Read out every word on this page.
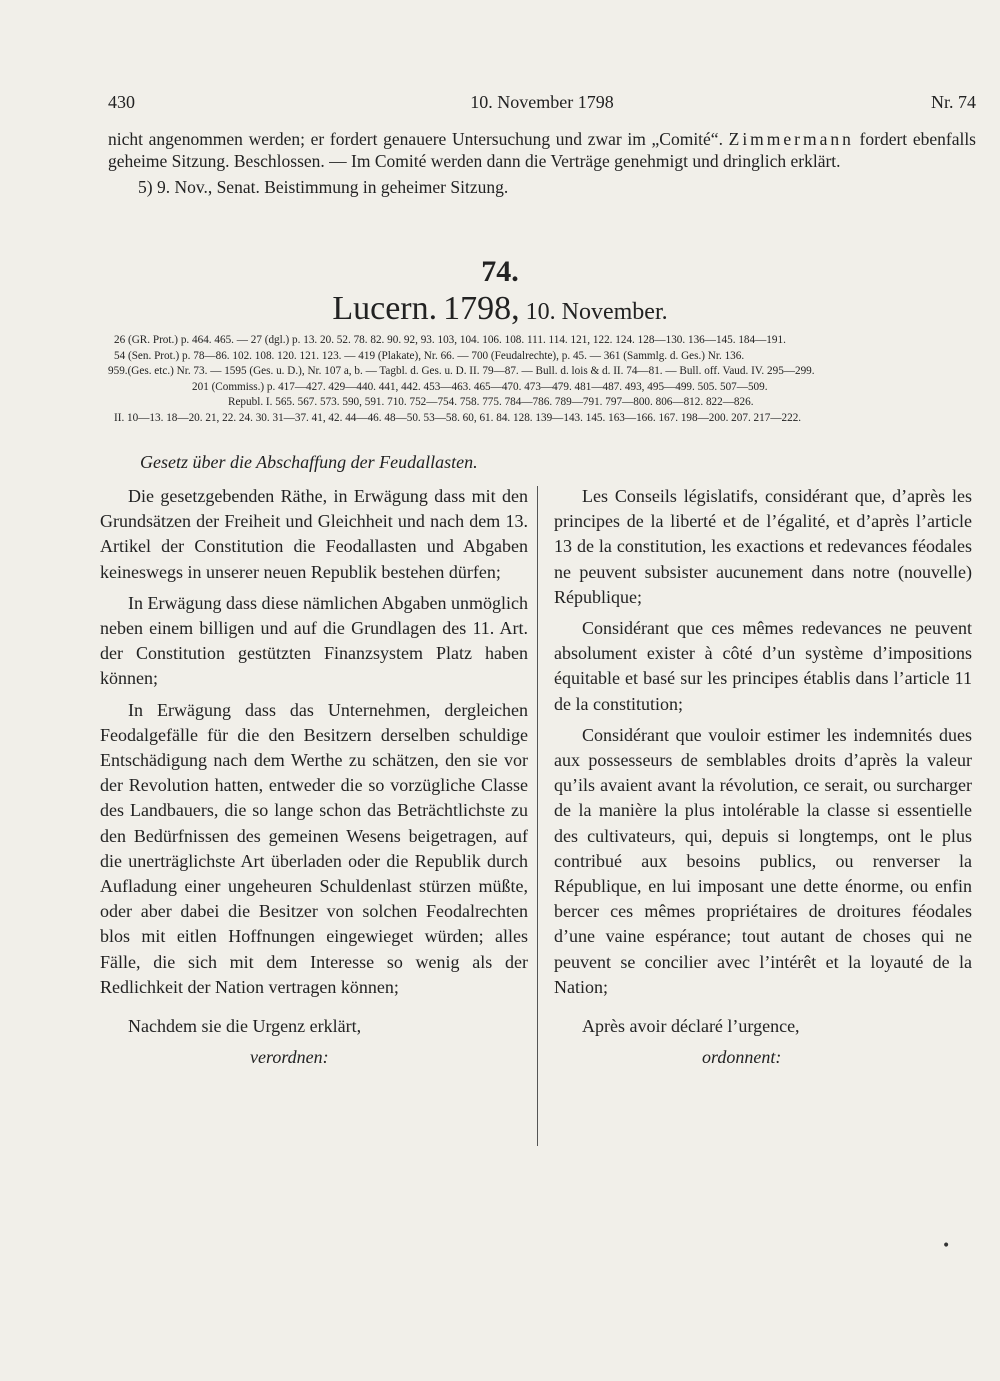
430	10. November 1798	Nr. 74

nicht angenommen werden; er fordert genauere Untersuchung und zwar im „Comité“. Zimmermann fordert ebenfalls geheime Sitzung. Beschlossen. — Im Comité werden dann die Verträge genehmigt und dringlich erklärt.

5) 9. Nov., Senat. Beistimmung in geheimer Sitzung.

74.
Lucern. 1798, 10. November.
26 (GR. Prot.) p. 464. 465. — 27 (dgl.) p. 13. 20. 52. 78. 82. 90. 92, 93. 103, 104. 106. 108. 111. 114. 121, 122. 124. 128—130. 136—145. 184—191.
54 (Sen. Prot.) p. 78—86. 102. 108. 120. 121. 123. — 419 (Plakate), Nr. 66. — 700 (Feudalrechte), p. 45. — 361 (Sammlg. d. Ges.) Nr. 136.
959.(Ges. etc.) Nr. 73. — 1595 (Ges. u. D.), Nr. 107 a, b. — Tagbl. d. Ges. u. D. II. 79—87. — Bull. d. lois & d. II. 74—81. — Bull. off. Vaud. IV. 295—299.
201 (Commiss.) p. 417—427. 429—440. 441, 442. 453—463. 465—470. 473—479. 481—487. 493, 495—499. 505. 507—509.
Republ. I. 565. 567. 573. 590, 591. 710. 752—754. 758. 775. 784—786. 789—791. 797—800. 806—812. 822—826.
II. 10—13. 18—20. 21, 22. 24. 30. 31—37. 41, 42. 44—46. 48—50. 53—58. 60, 61. 84. 128. 139—143. 145. 163—166. 167. 198—200. 207. 217—222.
Gesetz über die Abschaffung der Feudallasten.

Die gesetzgebenden Räthe, in Erwägung dass mit den Grundsätzen der Freiheit und Gleichheit und nach dem 13. Artikel der Constitution die Feodallasten und Abgaben keineswegs in unserer neuen Republik bestehen dürfen;

In Erwägung dass diese nämlichen Abgaben unmöglich neben einem billigen und auf die Grundlagen des 11. Art. der Constitution gestützten Finanzsystem Platz haben können;

In Erwägung dass das Unternehmen, dergleichen Feodalgefälle für die den Besitzern derselben schuldige Entschädigung nach dem Werthe zu schätzen, den sie vor der Revolution hatten, entweder die so vorzügliche Classe des Landbauers, die so lange schon das Beträchtlichste zu den Bedürfnissen des gemeinen Wesens beigetragen, auf die unerträglichste Art überladen oder die Republik durch Aufladung einer ungeheuren Schuldenlast stürzen müßte, oder aber dabei die Besitzer von solchen Feodalrechten blos mit eitlen Hoffnungen eingewieget würden; alles Fälle, die sich mit dem Interesse so wenig als der Redlichkeit der Nation vertragen können;

Nachdem sie die Urgenz erklärt,

verordnen:

Les Conseils législatifs, considérant que, d’après les principes de la liberté et de l’égalité, et d’après l’article 13 de la constitution, les exactions et redevances féodales ne peuvent subsister aucunement dans notre (nouvelle) République;

Considérant que ces mêmes redevances ne peuvent absolument exister à côté d’un système d’impositions équitable et basé sur les principes établis dans l’article 11 de la constitution;

Considérant que vouloir estimer les indemnités dues aux possesseurs de semblables droits d’après la valeur qu’ils avaient avant la révolution, ce serait, ou surcharger de la manière la plus intolérable la classe si essentielle des cultivateurs, qui, depuis si longtemps, ont le plus contribué aux besoins publics, ou renverser la République, en lui imposant une dette énorme, ou enfin bercer ces mêmes propriétaires de droitures féodales d’une vaine espérance; tout autant de choses qui ne peuvent se concilier avec l’intérêt et la loyauté de la Nation;

Après avoir déclaré l’urgence,

ordonnent:

•
